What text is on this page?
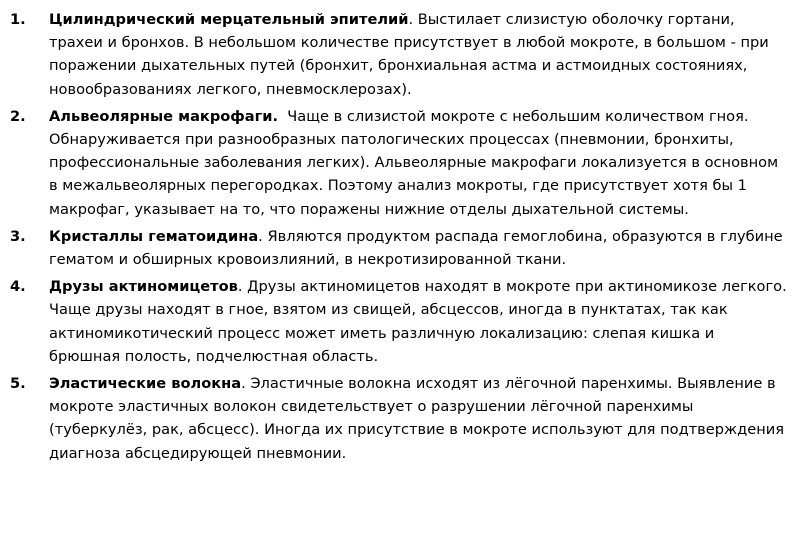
1. Цилиндрический мерцательный эпителий. Выстилает слизистую оболочку гортани, трахеи и бронхов. В небольшом количестве присутствует в любой мокроте, в большом - при поражении дыхательных путей (бронхит, бронхиальная астма и астмоидных состояниях, новообразованиях легкого, пневмосклерозах).
2. Альвеолярные макрофаги.  Чаще в слизистой мокроте с небольшим количеством гноя. Обнаруживается при разнообразных патологических процессах (пневмонии, бронхиты, профессиональные заболевания легких). Альвеолярные макрофаги локализуется в основном в межальвеолярных перегородках. Поэтому анализ мокроты, где присутствует хотя бы 1 макрофаг, указывает на то, что поражены нижние отделы дыхательной системы.
3. Кристаллы гематоидина. Являются продуктом распада гемоглобина, образуются в глубине гематом и обширных кровоизлияний, в некротизированной ткани.
4. Друзы актиномицетов. Друзы актиномицетов находят в мокроте при актиномикозе легкого. Чаще друзы находят в гное, взятом из свищей, абсцессов, иногда в пунктатах, так как актиномикотический процесс может иметь различную локализацию: слепая кишка и брюшная полость, подчелюстная область.
5. Эластические волокна. Эластичные волокна исходят из лёгочной паренхимы. Выявление в мокроте эластичных волокон свидетельствует о разрушении лёгочной паренхимы (туберкулёз, рак, абсцесс). Иногда их присутствие в мокроте используют для подтверждения диагноза абсцедирующей пневмонии.
